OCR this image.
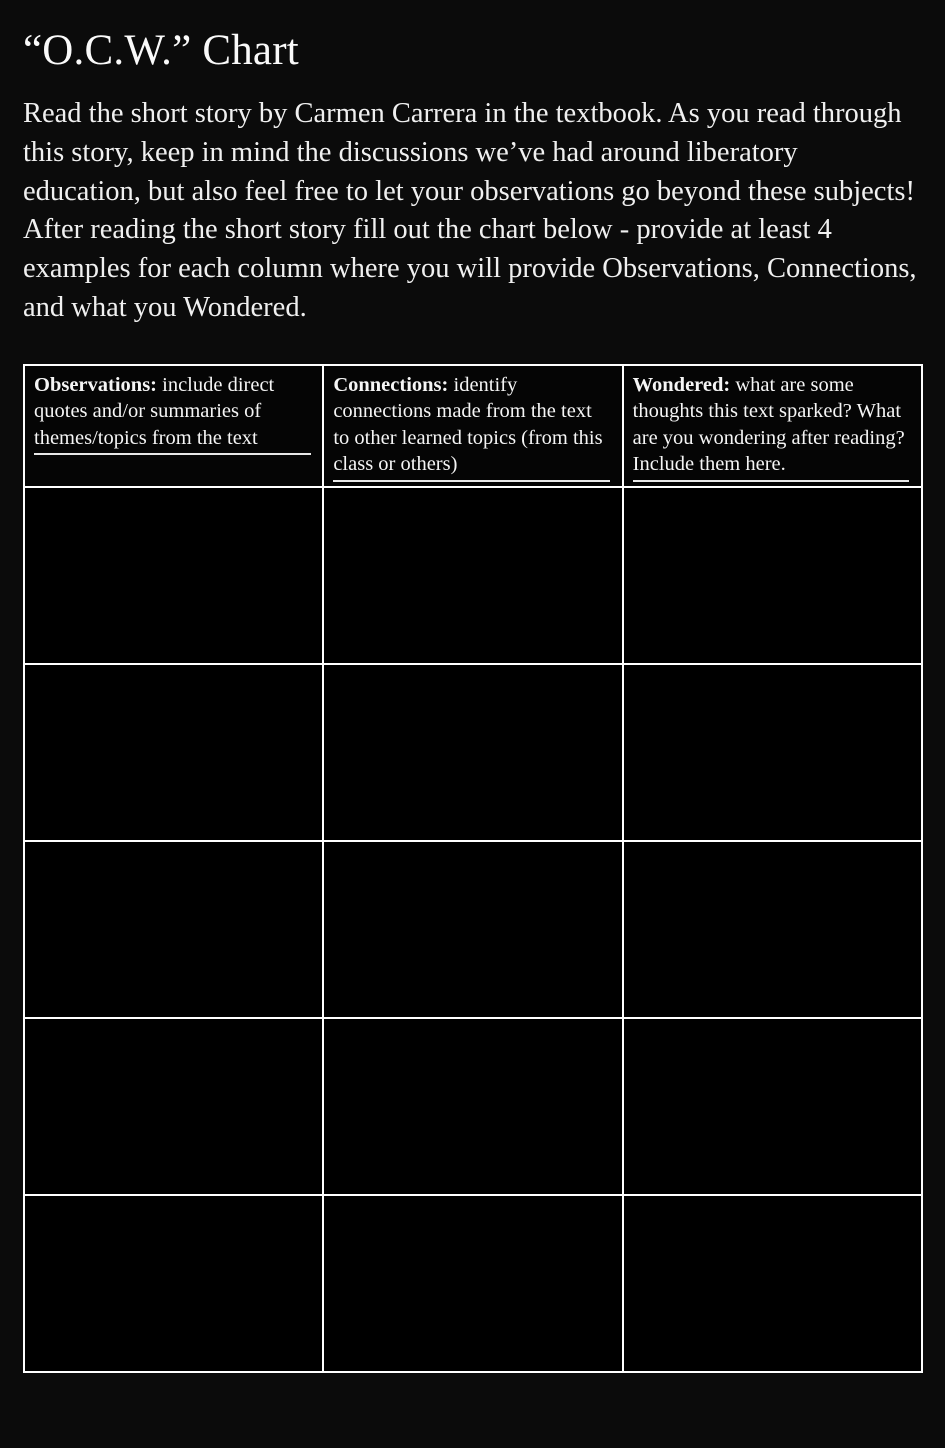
“O.C.W.” Chart

Read the short story by Carmen Carrera in the textbook. As you read through this story, keep in mind the discussions we’ve had around liberatory education, but also feel free to let your observations go beyond these subjects! After reading the short story fill out the chart below - provide at least 4 examples for each column where you will provide Observations, Connections, and what you Wondered.

Observations: include direct quotes and/or summaries of themes/topics from the text	Connections: identify connections made from the text to other learned topics (from this class or others)	Wondered: what are some thoughts this text sparked? What are you wondering after reading? Include them here.
